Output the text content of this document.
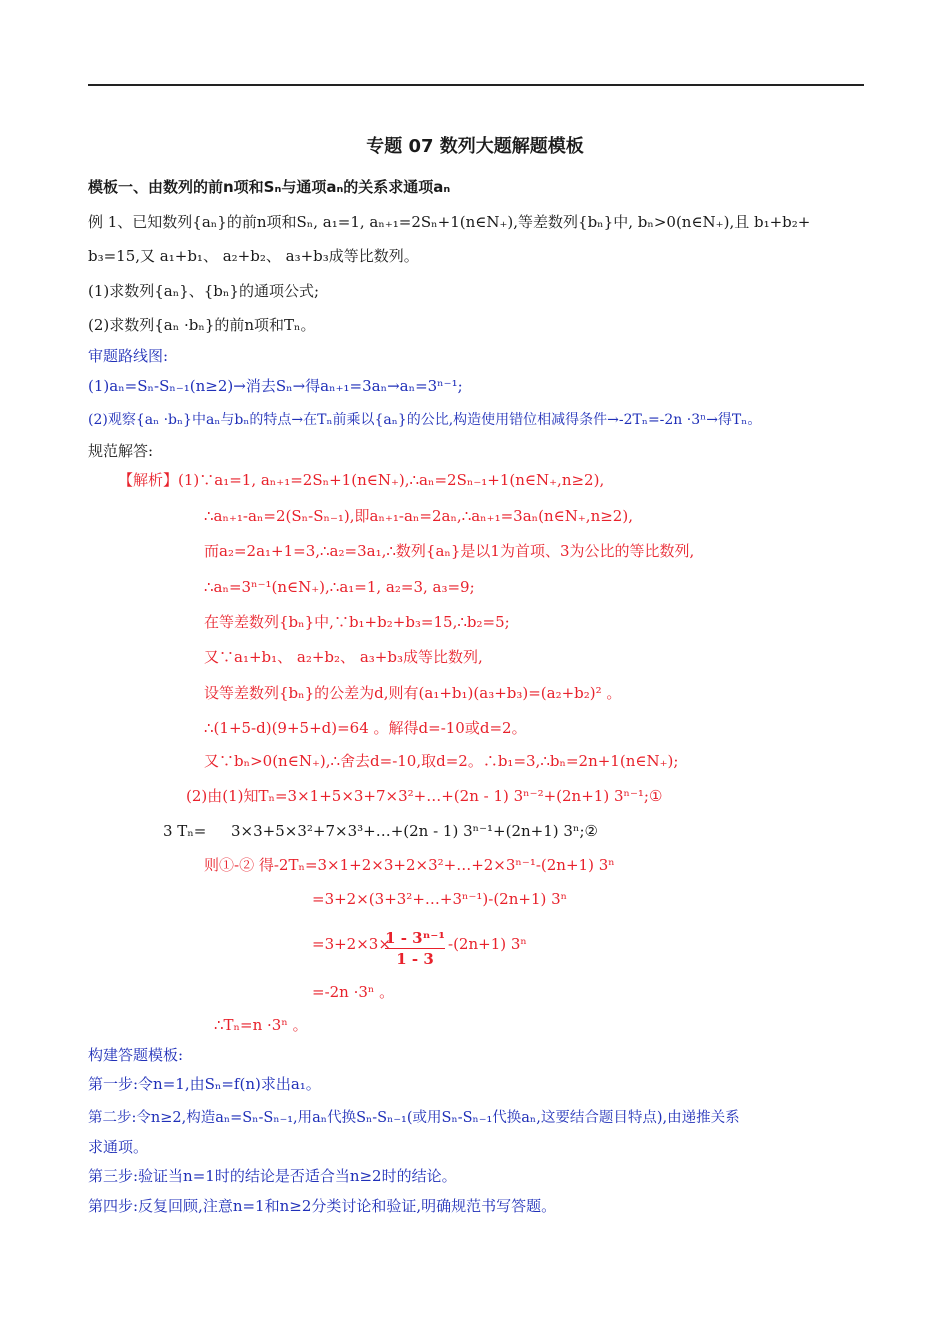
专题 07 数列大题解题模板
模板一、由数列的前n项和Sₙ与通项aₙ的关系求通项aₙ
例 1、已知数列{aₙ}的前n项和Sₙ, a₁=1, aₙ₊₁=2Sₙ+1(n∈N₊),等差数列{bₙ}中, bₙ>0(n∈N₊),且 b₁+b₂+
b₃=15,又 a₁+b₁、 a₂+b₂、 a₃+b₃成等比数列。
(1)求数列{aₙ}、{bₙ}的通项公式;
(2)求数列{aₙ ·bₙ}的前n项和Tₙ。
审题路线图:
(1)aₙ=Sₙ-Sₙ₋₁(n≥2)→消去Sₙ→得aₙ₊₁=3aₙ→aₙ=3ⁿ⁻¹;
(2)观察{aₙ ·bₙ}中aₙ与bₙ的特点→在Tₙ前乘以{aₙ}的公比,构造使用错位相减得条件→-2Tₙ=-2n ·3ⁿ→得Tₙ。
规范解答:
【解析】(1)∵a₁=1, aₙ₊₁=2Sₙ+1(n∈N₊),∴aₙ=2Sₙ₋₁+1(n∈N₊,n≥2),
∴aₙ₊₁-aₙ=2(Sₙ-Sₙ₋₁),即aₙ₊₁-aₙ=2aₙ,∴aₙ₊₁=3aₙ(n∈N₊,n≥2),
而a₂=2a₁+1=3,∴a₂=3a₁,∴数列{aₙ}是以1为首项、3为公比的等比数列,
∴aₙ=3ⁿ⁻¹(n∈N₊),∴a₁=1, a₂=3, a₃=9;
在等差数列{bₙ}中,∵b₁+b₂+b₃=15,∴b₂=5;
又∵a₁+b₁、 a₂+b₂、 a₃+b₃成等比数列,
设等差数列{bₙ}的公差为d,则有(a₁+b₁)(a₃+b₃)=(a₂+b₂)² 。
∴(1+5-d)(9+5+d)=64 。解得d=-10或d=2。
又∵bₙ>0(n∈N₊),∴舍去d=-10,取d=2。∴b₁=3,∴bₙ=2n+1(n∈N₊);
(2)由(1)知Tₙ=3×1+5×3+7×3²+…+(2n - 1) 3ⁿ⁻²+(2n+1) 3ⁿ⁻¹;①
3 Tₙ= 3×3+5×3²+7×3³+…+(2n - 1) 3ⁿ⁻¹+(2n+1) 3ⁿ;②
则①-② 得-2Tₙ=3×1+2×3+2×3²+…+2×3ⁿ⁻¹-(2n+1) 3ⁿ
=3+2×(3+3²+…+3ⁿ⁻¹)-(2n+1) 3ⁿ
=3+2×3×
$\frac{\text{1 - 3ⁿ⁻¹}}{1 - 3} -(2n+1)$ 3ⁿ
=-2n ·3ⁿ 。
∴Tₙ=n ·3ⁿ 。
构建答题模板:
第一步:令n=1,由Sₙ=f(n)求出a₁。
第二步:令n≥2,构造aₙ=Sₙ-Sₙ₋₁,用aₙ代换Sₙ-Sₙ₋₁(或用Sₙ-Sₙ₋₁代换aₙ,这要结合题目特点),由递推关系
求通项。
第三步:验证当n=1时的结论是否适合当n≥2时的结论。
第四步:反复回顾,注意n=1和n≥2分类讨论和验证,明确规范书写答题。
